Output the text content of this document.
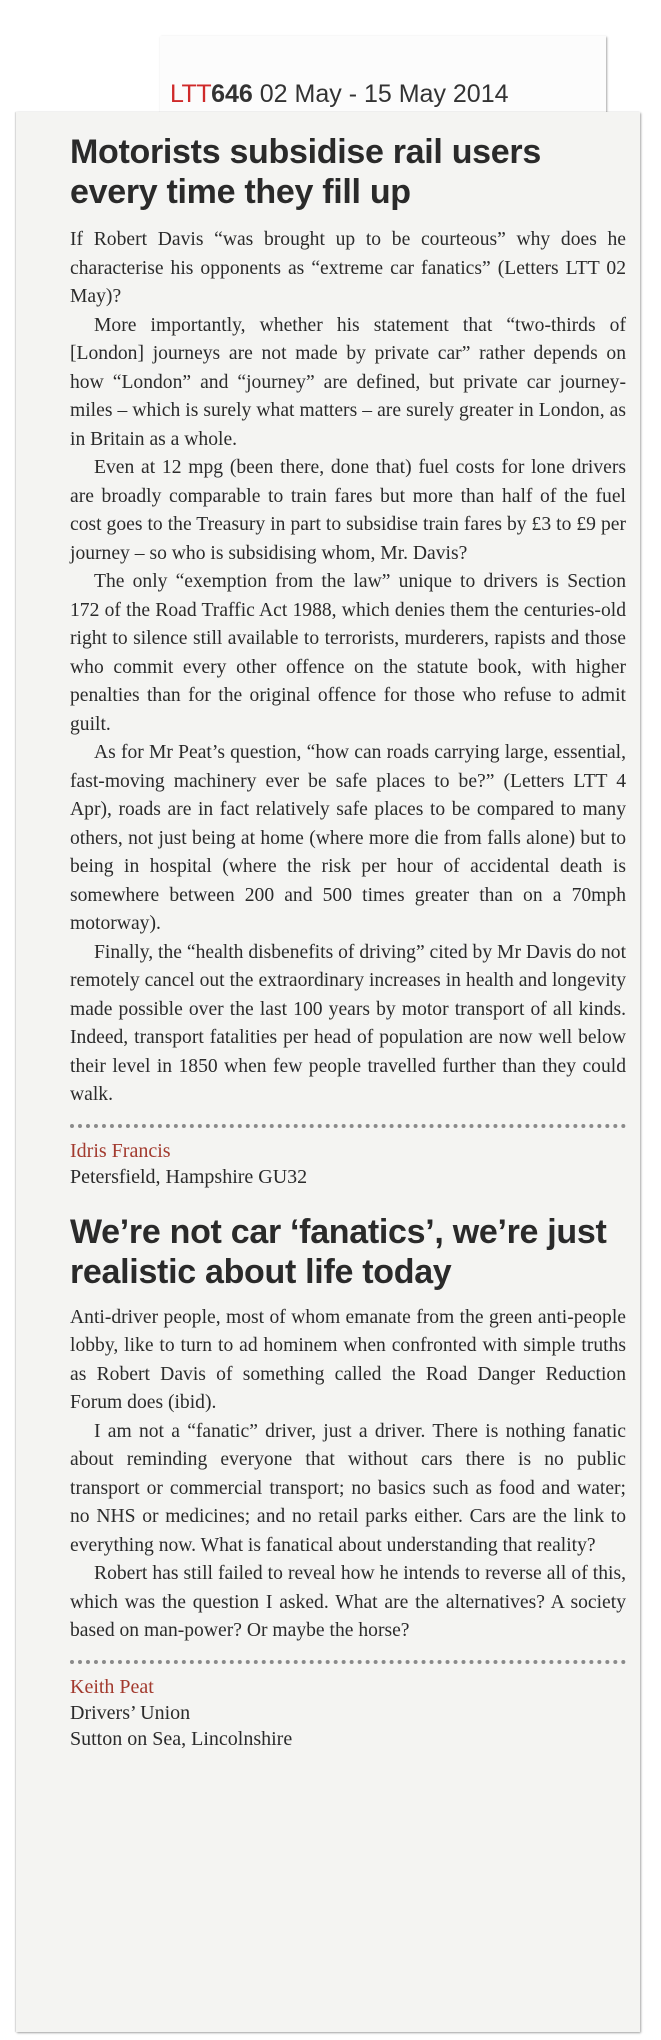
LTT646 02 May - 15 May 2014
Motorists subsidise rail users every time they fill up

If Robert Davis “was brought up to be courteous” why does he characterise his opponents as “extreme car fanatics” (Letters LTT 02 May)?

More importantly, whether his statement that “two-thirds of [London] journeys are not made by private car” rather depends on how “London” and “journey” are defined, but private car journey-miles – which is surely what matters – are surely greater in London, as in Britain as a whole.

Even at 12 mpg (been there, done that) fuel costs for lone drivers are broadly comparable to train fares but more than half of the fuel cost goes to the Treasury in part to subsidise train fares by £3 to £9 per journey – so who is subsidising whom, Mr. Davis?

The only “exemption from the law” unique to drivers is Section 172 of the Road Traffic Act 1988, which denies them the centuries-old right to silence still available to terrorists, murderers, rapists and those who commit every other offence on the statute book, with higher penalties than for the original offence for those who refuse to admit guilt.

As for Mr Peat’s question, “how can roads carrying large, essential, fast-moving machinery ever be safe places to be?” (Letters LTT 4 Apr), roads are in fact relatively safe places to be compared to many others, not just being at home (where more die from falls alone) but to being in hospital (where the risk per hour of accidental death is somewhere between 200 and 500 times greater than on a 70mph motorway).

Finally, the “health disbenefits of driving” cited by Mr Davis do not remotely cancel out the extraordinary increases in health and longevity made possible over the last 100 years by motor transport of all kinds. Indeed, transport fatalities per head of population are now well below their level in 1850 when few people travelled further than they could walk.

Idris Francis
Petersfield, Hampshire GU32
We’re not car ‘fanatics’, we’re just realistic about life today

Anti-driver people, most of whom emanate from the green anti-people lobby, like to turn to ad hominem when confronted with simple truths as Robert Davis of something called the Road Danger Reduction Forum does (ibid).

I am not a “fanatic” driver, just a driver. There is nothing fanatic about reminding everyone that without cars there is no public transport or commercial transport; no basics such as food and water; no NHS or medicines; and no retail parks either. Cars are the link to everything now. What is fanatical about understanding that reality?

Robert has still failed to reveal how he intends to reverse all of this, which was the question I asked. What are the alternatives? A society based on man-power? Or maybe the horse?

Keith Peat
Drivers’ Union
Sutton on Sea, Lincolnshire
